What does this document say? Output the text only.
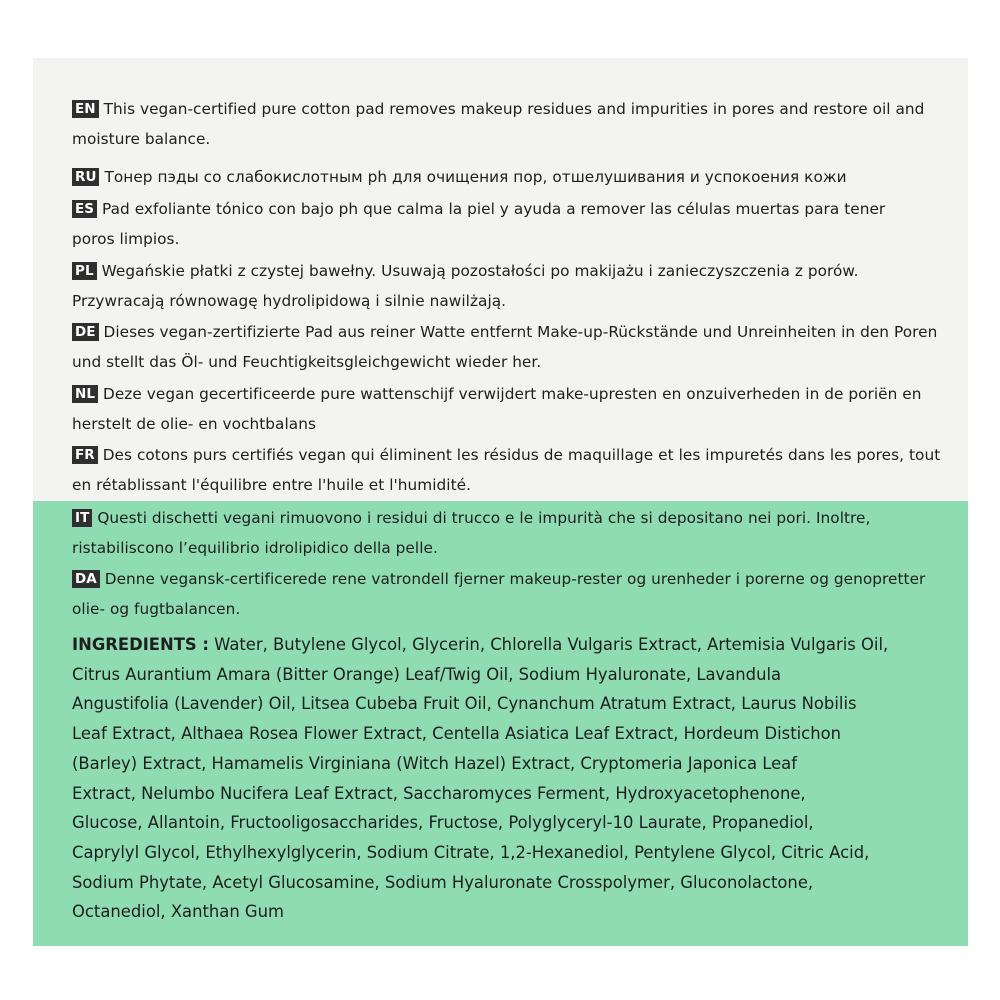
EN This vegan-certified pure cotton pad removes makeup residues and impurities in pores and restore oil and
moisture balance.
RU Тонер пэды со слабокислотным ph для очищения пор, отшелушивания и успокоения кожи
ES Pad exfoliante tónico con bajo ph que calma la piel y ayuda a remover las células muertas para tener
poros limpios.
PL Wegańskie płatki z czystej bawełny. Usuwają pozostałości po makijażu i zanieczyszczenia z porów.
Przywracają równowagę hydrolipidową i silnie nawilżają.
DE Dieses vegan-zertifizierte Pad aus reiner Watte entfernt Make-up-Rückstände und Unreinheiten in den Poren
und stellt das Öl- und Feuchtigkeitsgleichgewicht wieder her.
NL Deze vegan gecertificeerde pure wattenschijf verwijdert make-upresten en onzuiverheden in de poriën en
herstelt de olie- en vochtbalans
FR Des cotons purs certifiés vegan qui éliminent les résidus de maquillage et les impuretés dans les pores, tout
en rétablissant l'équilibre entre l'huile et l'humidité.
IT Questi dischetti vegani rimuovono i residui di trucco e le impurità che si depositano nei pori. Inoltre,
ristabiliscono l’equilibrio idrolipidico della pelle.
DA Denne vegansk-certificerede rene vatrondell fjerner makeup-rester og urenheder i porerne og genopretter
olie- og fugtbalancen.
INGREDIENTS : Water, Butylene Glycol, Glycerin, Chlorella Vulgaris Extract, Artemisia Vulgaris Oil,
Citrus Aurantium Amara (Bitter Orange) Leaf/Twig Oil, Sodium Hyaluronate, Lavandula
Angustifolia (Lavender) Oil, Litsea Cubeba Fruit Oil, Cynanchum Atratum Extract, Laurus Nobilis
Leaf Extract, Althaea Rosea Flower Extract, Centella Asiatica Leaf Extract, Hordeum Distichon
(Barley) Extract, Hamamelis Virginiana (Witch Hazel) Extract, Cryptomeria Japonica Leaf
Extract, Nelumbo Nucifera Leaf Extract, Saccharomyces Ferment, Hydroxyacetophenone,
Glucose, Allantoin, Fructooligosaccharides, Fructose, Polyglyceryl-10 Laurate, Propanediol,
Caprylyl Glycol, Ethylhexylglycerin, Sodium Citrate, 1,2-Hexanediol, Pentylene Glycol, Citric Acid,
Sodium Phytate, Acetyl Glucosamine, Sodium Hyaluronate Crosspolymer, Gluconolactone,
Octanediol, Xanthan Gum
